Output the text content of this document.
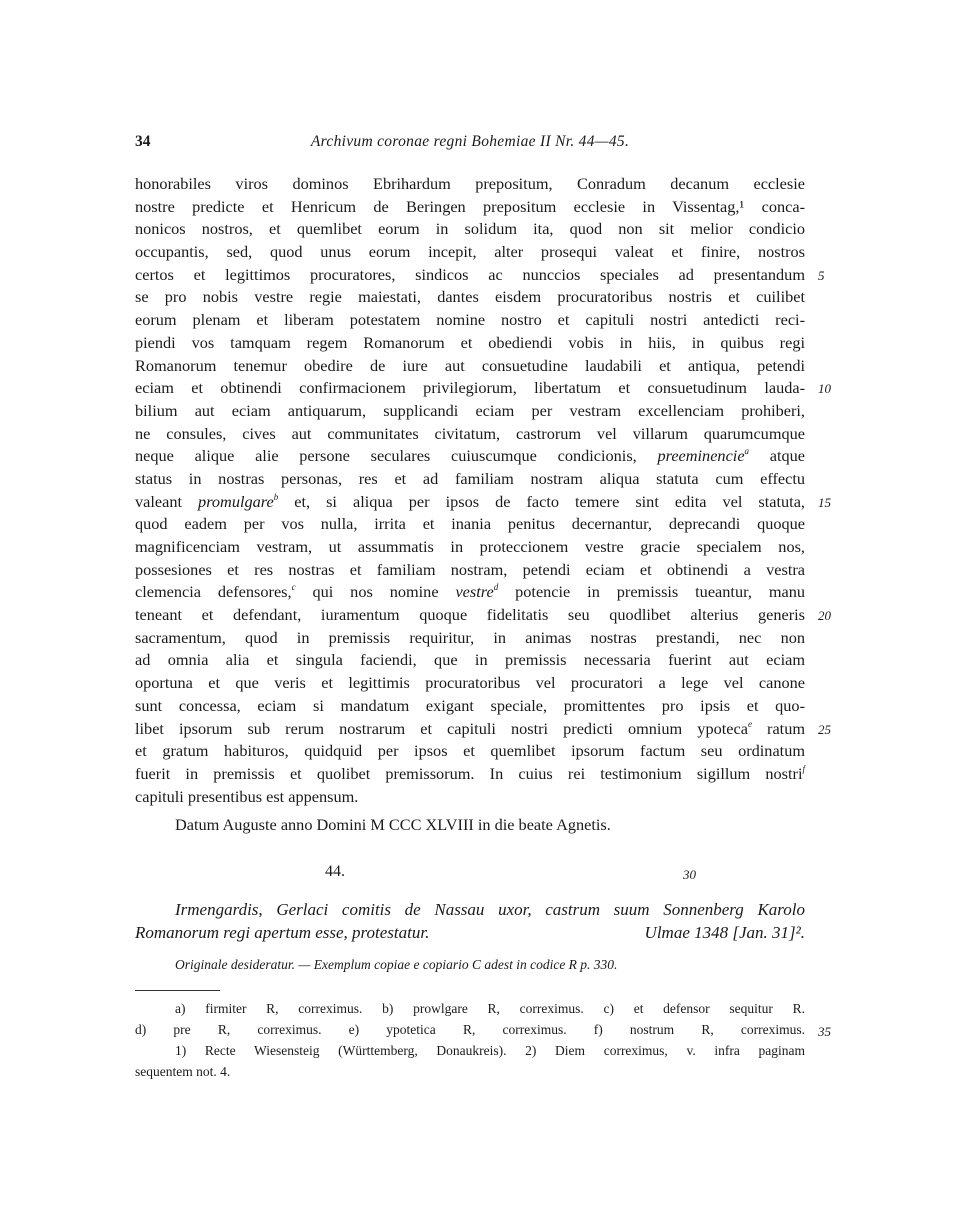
34	Archivum coronae regni Bohemiae II Nr. 44—45.
honorabiles viros dominos Ebrihardum prepositum, Conradum decanum ecclesie
nostre predicte et Henricum de Beringen prepositum ecclesie in Vissentag,¹ conca-
nonicos nostros, et quemlibet eorum in solidum ita, quod non sit melior condicio
occupantis, sed, quod unus eorum incepit, alter prosequi valeat et finire, nostros
certos et legittimos procuratores, sindicos ac nunccios speciales ad presentandum 5
se pro nobis vestre regie maiestati, dantes eisdem procuratoribus nostris et cuilibet
eorum plenam et liberam potestatem nomine nostro et capituli nostri antedicti reci-
piendi vos tamquam regem Romanorum et obediendi vobis in hiis, in quibus regi
Romanorum tenemur obedire de iure aut consuetudine laudabili et antiqua, petendi
eciam et obtinendi confirmacionem privilegiorum, libertatum et consuetudinum lauda- 10
bilium aut eciam antiquarum, supplicandi eciam per vestram excellenciam prohiberi,
ne consules, cives aut communitates civitatum, castrorum vel villarum quarumcumque
neque alique alie persone seculares cuiuscumque condicionis, preeminencie$^a$ atque
status in nostras personas, res et ad familiam nostram aliqua statuta cum effectu
valeant promulgare$^b$ et, si aliqua per ipsos de facto temere sint edita vel statuta, 15
quod eadem per vos nulla, irrita et inania penitus decernantur, deprecandi quoque
magnificenciam vestram, ut assummatis in proteccionem vestre gracie specialem nos,
possesiones et res nostras et familiam nostram, petendi eciam et obtinendi a vestra
clemencia defensores,$^c$ qui nos nomine vestre$^d$ potencie in premissis tueantur, manu
teneant et defendant, iuramentum quoque fidelitatis seu quodlibet alterius generis 20
sacramentum, quod in premissis requiritur, in animas nostras prestandi, nec non
ad omnia alia et singula faciendi, que in premissis necessaria fuerint aut eciam
oportuna et que veris et legittimis procuratoribus vel procuratori a lege vel canone
sunt concessa, eciam si mandatum exigant speciale, promittentes pro ipsis et quo-
libet ipsorum sub rerum nostrarum et capituli nostri predicti omnium ypoteca$^e$ ratum 25
et gratum habituros, quidquid per ipsos et quemlibet ipsorum factum seu ordinatum
fuerit in premissis et quolibet premissorum. In cuius rei testimonium sigillum nostri$^f$
capituli presentibus est appensum.
Datum Auguste anno Domini M CCC XLVIII in die beate Agnetis.
44.	30
Irmengardis, Gerlaci comitis de Nassau uxor, castrum suum Sonnenberg Karolo
Romanorum regi apertum esse, protestatur.	Ulmae 1348 [Jan. 31]².
Originale desideratur. — Exemplum copiae e copiario C adest in codice R p. 330.
a) firmiter R, correximus. b) prowlgare R, correximus. c) et defensor sequitur R.
d) pre R, correximus. e) ypotetica R, correximus. f) nostrum R, correximus. 35
1) Recte Wiesensteig (Württemberg, Donaukreis). 2) Diem correximus, v. infra paginam
sequentem not. 4.
